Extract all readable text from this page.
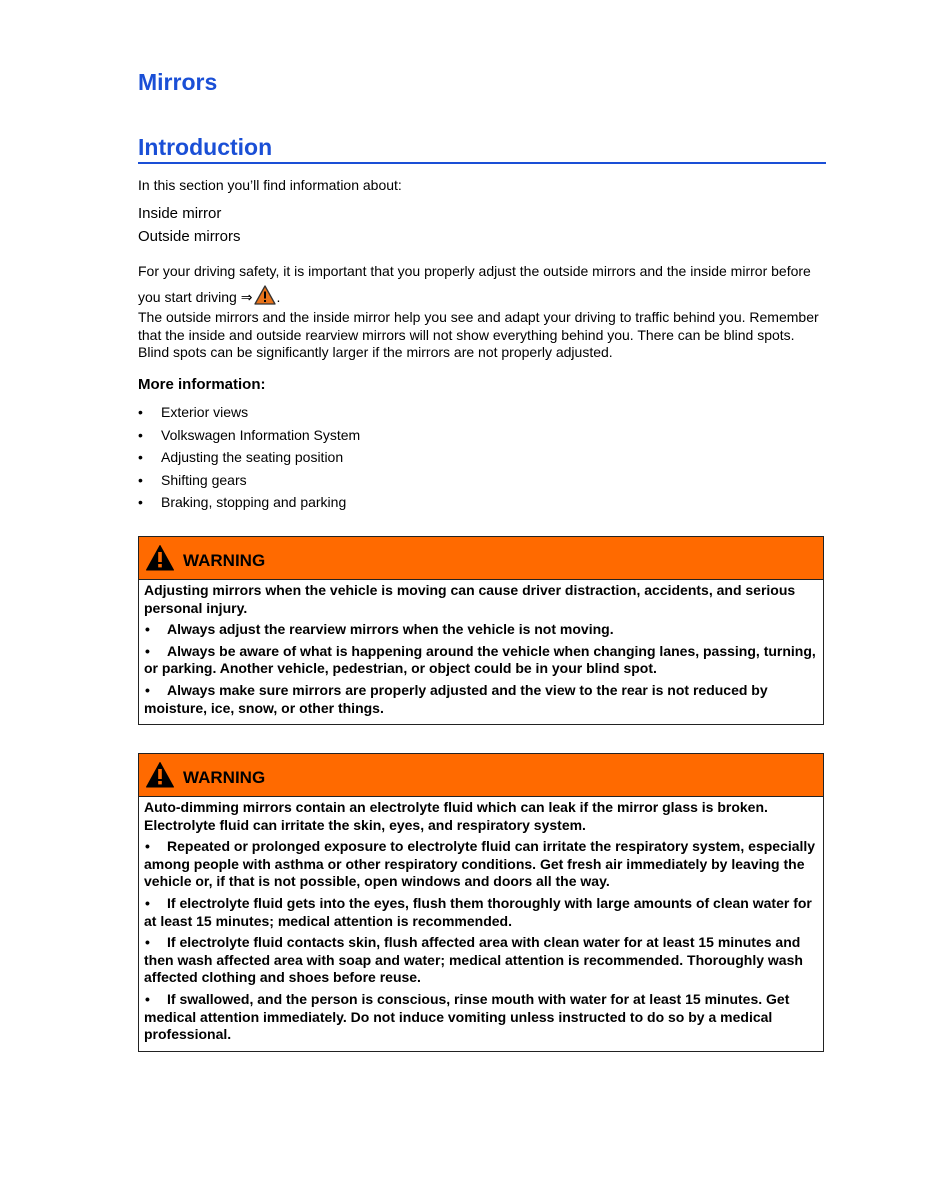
Mirrors
Introduction
In this section you’ll find information about:
Inside mirror
Outside mirrors
For your driving safety, it is important that you properly adjust the outside mirrors and the inside mirror before you start driving ⇒ .
The outside mirrors and the inside mirror help you see and adapt your driving to traffic behind you. Remember that the inside and outside rearview mirrors will not show everything behind you. There can be blind spots. Blind spots can be significantly larger if the mirrors are not properly adjusted.
More information:
• Exterior views
• Volkswagen Information System
• Adjusting the seating position
• Shifting gears
• Braking, stopping and parking
WARNING

Adjusting mirrors when the vehicle is moving can cause driver distraction, accidents, and serious personal injury.

• Always adjust the rearview mirrors when the vehicle is not moving.

• Always be aware of what is happening around the vehicle when changing lanes, passing, turning, or parking. Another vehicle, pedestrian, or object could be in your blind spot.

• Always make sure mirrors are properly adjusted and the view to the rear is not reduced by moisture, ice, snow, or other things.

WARNING

Auto-dimming mirrors contain an electrolyte fluid which can leak if the mirror glass is broken. Electrolyte fluid can irritate the skin, eyes, and respiratory system.

• Repeated or prolonged exposure to electrolyte fluid can irritate the respiratory system, especially among people with asthma or other respiratory conditions. Get fresh air immediately by leaving the vehicle or, if that is not possible, open windows and doors all the way.

• If electrolyte fluid gets into the eyes, flush them thoroughly with large amounts of clean water for at least 15 minutes; medical attention is recommended.

• If electrolyte fluid contacts skin, flush affected area with clean water for at least 15 minutes and then wash affected area with soap and water; medical attention is recommended. Thoroughly wash affected clothing and shoes before reuse.

• If swallowed, and the person is conscious, rinse mouth with water for at least 15 minutes. Get medical attention immediately. Do not induce vomiting unless instructed to do so by a medical professional.
